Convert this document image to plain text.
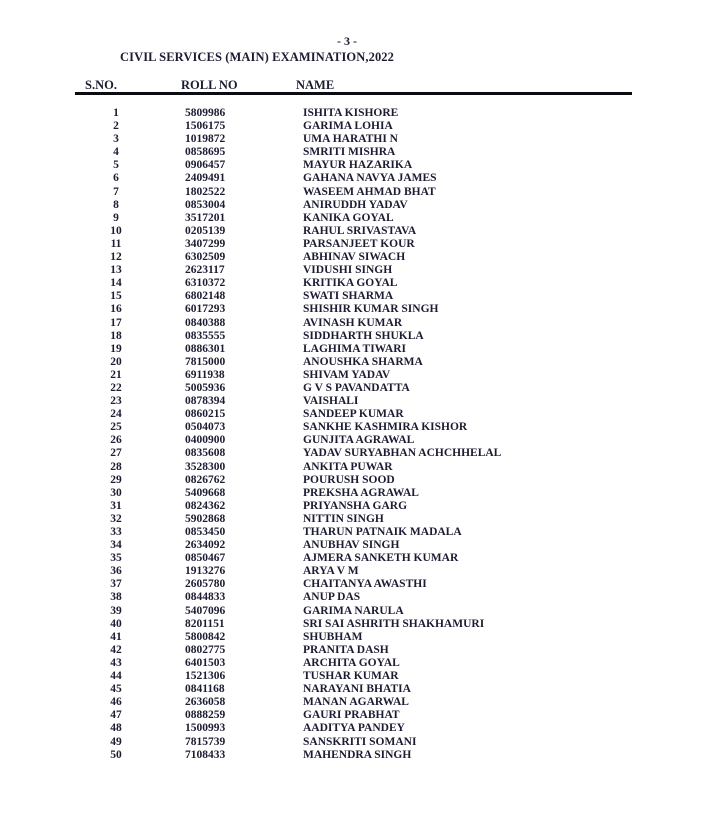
- 3 -
CIVIL SERVICES (MAIN) EXAMINATION,2022
S.NO.	ROLL NO	NAME
1	5809986	ISHITA KISHORE
2	1506175	GARIMA LOHIA
3	1019872	UMA HARATHI N
4	0858695	SMRITI MISHRA
5	0906457	MAYUR HAZARIKA
6	2409491	GAHANA NAVYA JAMES
7	1802522	WASEEM AHMAD BHAT
8	0853004	ANIRUDDH YADAV
9	3517201	KANIKA GOYAL
10	0205139	RAHUL SRIVASTAVA
11	3407299	PARSANJEET KOUR
12	6302509	ABHINAV SIWACH
13	2623117	VIDUSHI SINGH
14	6310372	KRITIKA GOYAL
15	6802148	SWATI SHARMA
16	6017293	SHISHIR KUMAR SINGH
17	0840388	AVINASH KUMAR
18	0835555	SIDDHARTH SHUKLA
19	0886301	LAGHIMA TIWARI
20	7815000	ANOUSHKA SHARMA
21	6911938	SHIVAM YADAV
22	5005936	G V S PAVANDATTA
23	0878394	VAISHALI
24	0860215	SANDEEP KUMAR
25	0504073	SANKHE KASHMIRA KISHOR
26	0400900	GUNJITA AGRAWAL
27	0835608	YADAV SURYABHAN ACHCHHELAL
28	3528300	ANKITA PUWAR
29	0826762	POURUSH SOOD
30	5409668	PREKSHA AGRAWAL
31	0824362	PRIYANSHA GARG
32	5902868	NITTIN SINGH
33	0853450	THARUN PATNAIK MADALA
34	2634092	ANUBHAV SINGH
35	0850467	AJMERA SANKETH KUMAR
36	1913276	ARYA V M
37	2605780	CHAITANYA AWASTHI
38	0844833	ANUP DAS
39	5407096	GARIMA NARULA
40	8201151	SRI SAI ASHRITH SHAKHAMURI
41	5800842	SHUBHAM
42	0802775	PRANITA DASH
43	6401503	ARCHITA GOYAL
44	1521306	TUSHAR KUMAR
45	0841168	NARAYANI BHATIA
46	2636058	MANAN AGARWAL
47	0888259	GAURI PRABHAT
48	1500993	AADITYA PANDEY
49	7815739	SANSKRITI SOMANI
50	7108433	MAHENDRA SINGH
